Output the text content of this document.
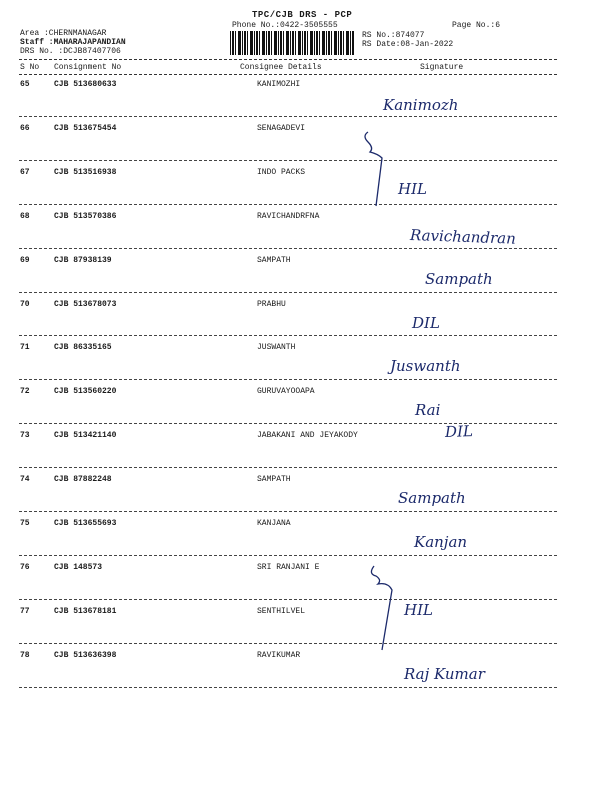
TPC/CJB DRS - PCP
Phone No.:0422-3505555	Page No.:6
Area :CHERNMANAGAR
Staff :MAHARAJAPANDIAN
DRS No. :DCJB87407706
RS No.:874077
RS Date:08-Jan-2022
S No Consignment No	Consignee Details	Signature
65	CJB 513680633	KANIMOZHI
Kanimozh
66	CJB 513675454	SENAGADEVI
67	CJB 513516938	INDO PACKS
HIL
68	CJB 513570386	RAVICHANDRFNA
Ravichandran
69	CJB 87938139	SAMPATH
Sampath
70	CJB 513678073	PRABHU
DIL
71	CJB 86335165	JUSWANTH
Juswanth
72	CJB 513560220	GURUVAYOOAPA
Rai
73	CJB 513421140	JABAKANI AND JEYAKODY	DIL
74	CJB 87882248	SAMPATH
Sampath
75	CJB 513655693	KANJANA
Kanjan
76	CJB 148573	SRI RANJANI E
77	CJB 513678181	SENTHILVEL	HIL
78	CJB 513636398	RAVIKUMAR
Raj Kumar
